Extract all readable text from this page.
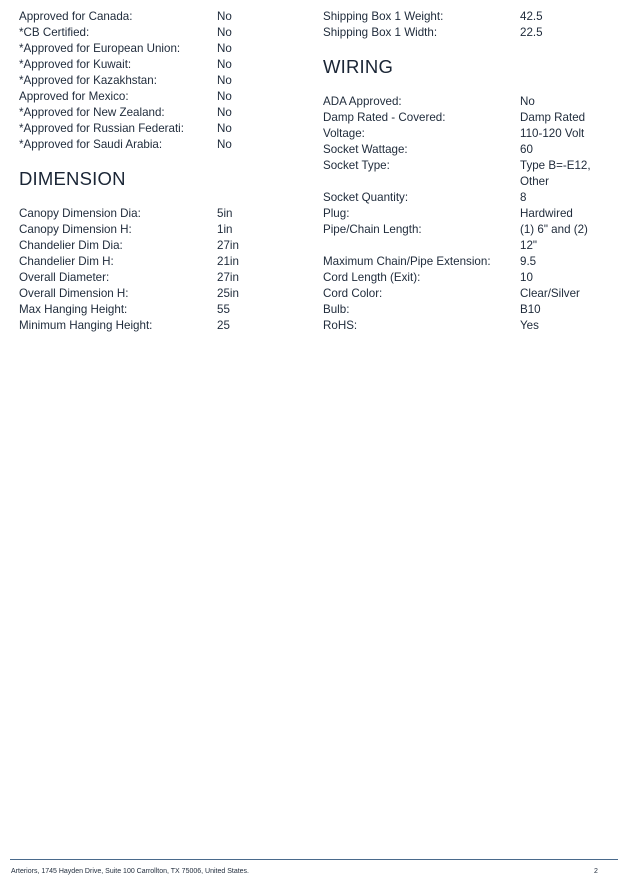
Approved for Canada:	No
*CB Certified:	No
*Approved for European Union:	No
*Approved for Kuwait:	No
*Approved for Kazakhstan:	No
Approved for Mexico:	No
*Approved for New Zealand:	No
*Approved for Russian Federati:	No
*Approved for Saudi Arabia:	No
DIMENSION
Canopy Dimension Dia:	5in
Canopy Dimension H:	1in
Chandelier Dim Dia:	27in
Chandelier Dim H:	21in
Overall Diameter:	27in
Overall Dimension H:	25in
Max Hanging Height:	55
Minimum Hanging Height:	25
Shipping Box 1 Weight:	42.5
Shipping Box 1 Width:	22.5
WIRING
ADA Approved:	No
Damp Rated - Covered:	Damp Rated
Voltage:	110-120 Volt
Socket Wattage:	60
Socket Type:	Type B=-E12,
Other
Socket Quantity:	8
Plug:	Hardwired
Pipe/Chain Length:	(1) 6" and (2)
12"
Maximum Chain/Pipe Extension:	9.5
Cord Length (Exit):	10
Cord Color:	Clear/Silver
Bulb:	B10
RoHS:	Yes
Arteriors, 1745 Hayden Drive, Suite 100 Carrollton, TX 75006, United States.	2
